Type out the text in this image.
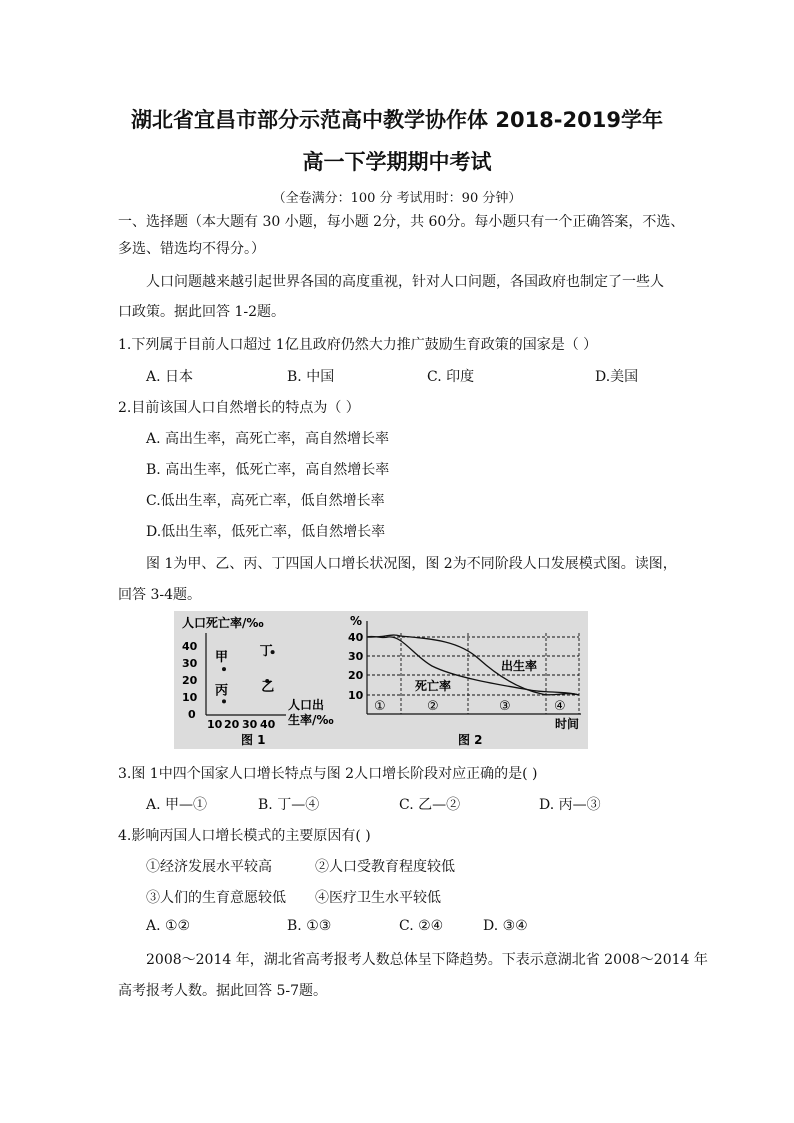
湖北省宜昌市部分示范高中教学协作体 2018-2019学年
高一下学期期中考试
（全卷满分：100 分 考试用时：90 分钟）
一、选择题（本大题有 30 小题，每小题 2分，共 60分。每小题只有一个正确答案，不选、
多选、错选均不得分。）
人口问题越来越引起世界各国的高度重视，针对人口问题，各国政府也制定了一些人
口政策。据此回答 1-2题。
1.下列属于目前人口超过 1亿且政府仍然大力推广鼓励生育政策的国家是（ ）
A. 日本	B. 中国	C. 印度	D.美国
2.目前该国人口自然增长的特点为（ ）
A. 高出生率，高死亡率，高自然增长率
B. 高出生率，低死亡率，高自然增长率
C.低出生率，高死亡率，低自然增长率
D.低出生率，低死亡率，低自然增长率
图 1为甲、乙、丙、丁四国人口增长状况图，图 2为不同阶段人口发展模式图。读图，
回答 3-4题。
人口死亡率/‰
40
30
20
10
0
10 20 30 40
人口出
生率/‰
甲
乙
丙
丁
图 1
%
40
30
20
10
出生率
死亡率
①	②	③	④
时间
图 2
3.图 1中四个国家人口增长特点与图 2人口增长阶段对应正确的是( )
A. 甲—①	B. 丁—④	C. 乙—②	D. 丙—③
4.影响丙国人口增长模式的主要原因有( )
①经济发展水平较高	②人口受教育程度较低
③人们的生育意愿较低 ④医疗卫生水平较低
A. ①②	B. ①③	C. ②④	D. ③④
2008～2014 年，湖北省高考报考人数总体呈下降趋势。下表示意湖北省 2008～2014 年
高考报考人数。据此回答 5-7题。
